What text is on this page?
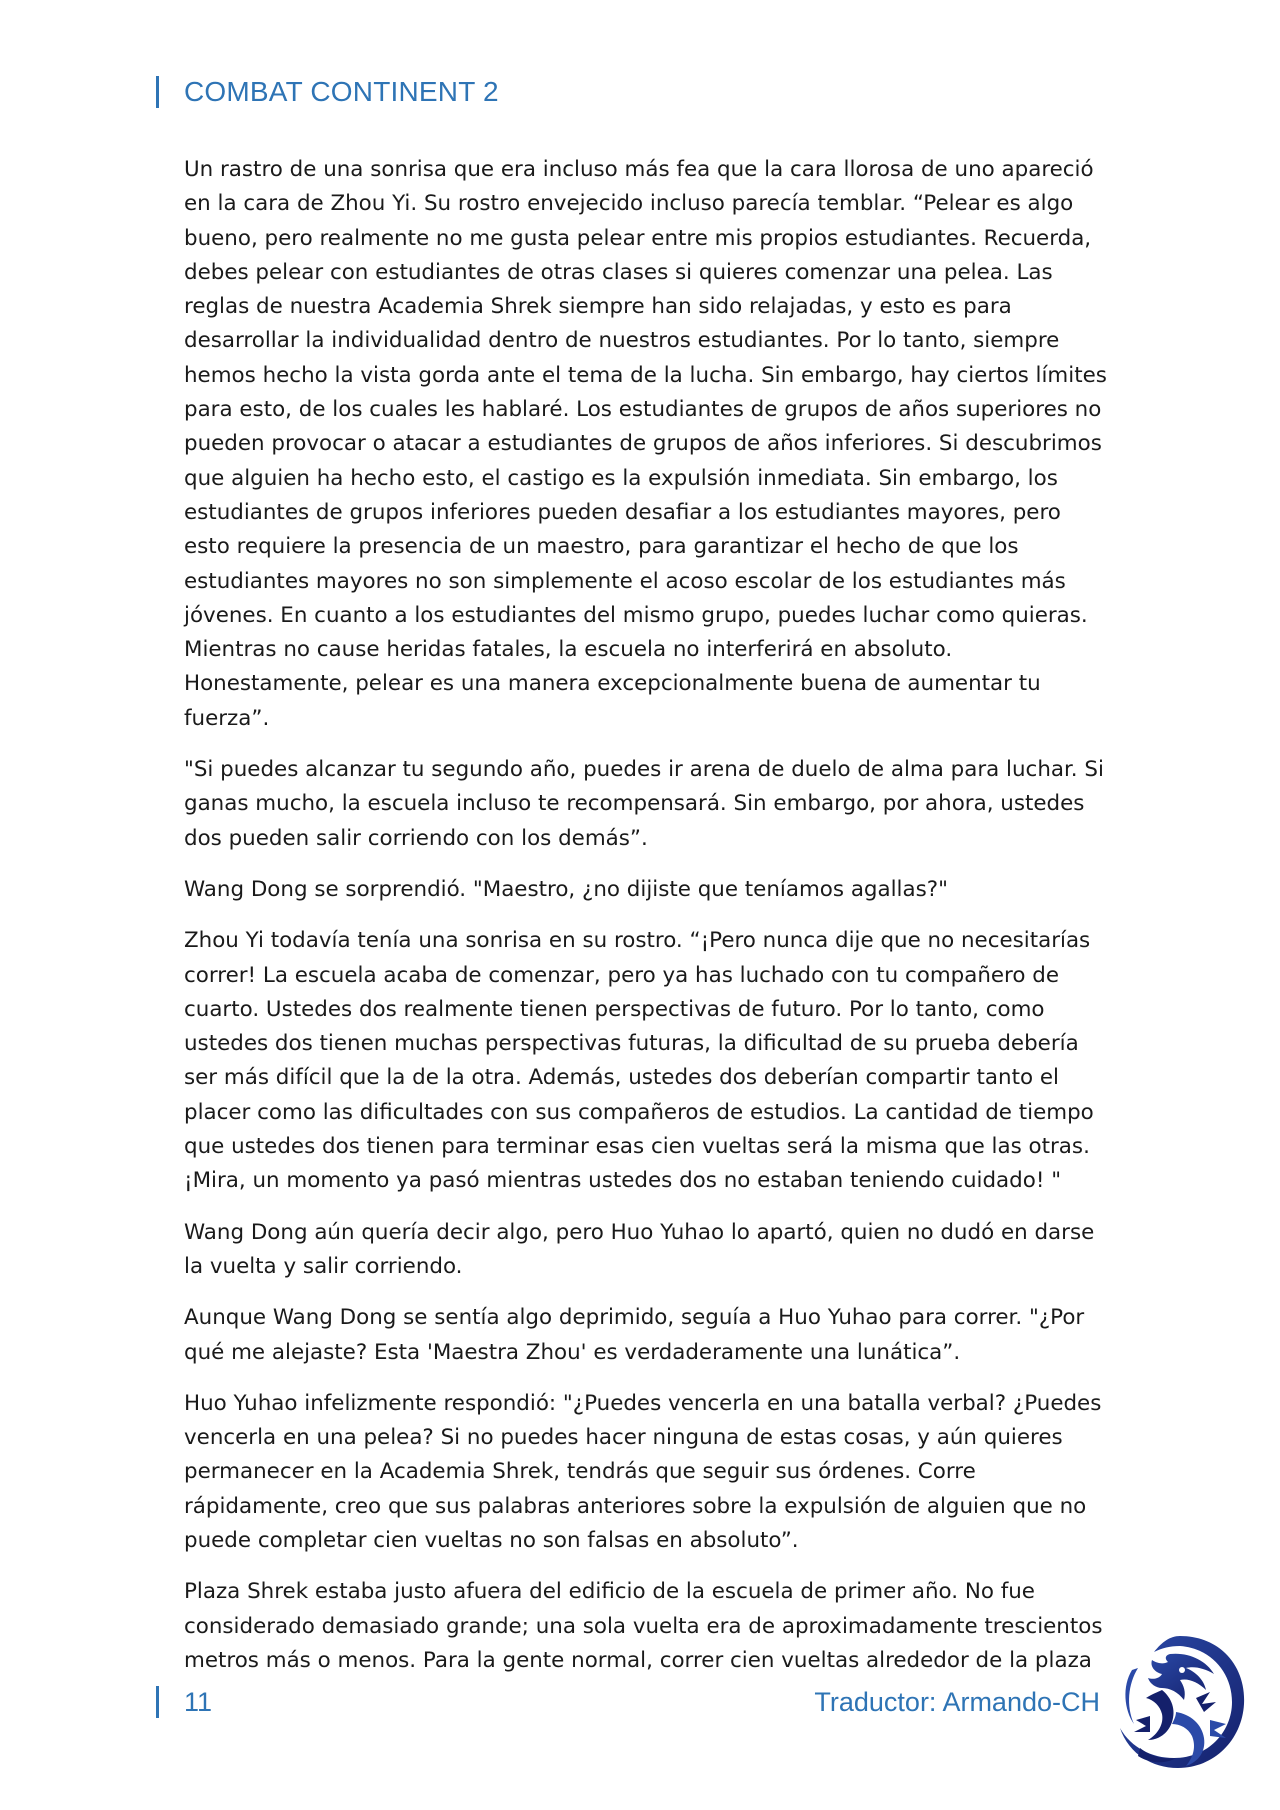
COMBAT CONTINENT 2

Un rastro de una sonrisa que era incluso más fea que la cara llorosa de uno apareció en la cara de Zhou Yi. Su rostro envejecido incluso parecía temblar. “Pelear es algo bueno, pero realmente no me gusta pelear entre mis propios estudiantes. Recuerda, debes pelear con estudiantes de otras clases si quieres comenzar una pelea. Las reglas de nuestra Academia Shrek siempre han sido relajadas, y esto es para desarrollar la individualidad dentro de nuestros estudiantes. Por lo tanto, siempre hemos hecho la vista gorda ante el tema de la lucha. Sin embargo, hay ciertos límites para esto, de los cuales les hablaré. Los estudiantes de grupos de años superiores no pueden provocar o atacar a estudiantes de grupos de años inferiores. Si descubrimos que alguien ha hecho esto, el castigo es la expulsión inmediata. Sin embargo, los estudiantes de grupos inferiores pueden desafiar a los estudiantes mayores, pero esto requiere la presencia de un maestro, para garantizar el hecho de que los estudiantes mayores no son simplemente el acoso escolar de los estudiantes más jóvenes. En cuanto a los estudiantes del mismo grupo, puedes luchar como quieras. Mientras no cause heridas fatales, la escuela no interferirá en absoluto. Honestamente, pelear es una manera excepcionalmente buena de aumentar tu fuerza”.

"Si puedes alcanzar tu segundo año, puedes ir arena de duelo de alma para luchar. Si ganas mucho, la escuela incluso te recompensará. Sin embargo, por ahora, ustedes dos pueden salir corriendo con los demás”.

Wang Dong se sorprendió. "Maestro, ¿no dijiste que teníamos agallas?"

Zhou Yi todavía tenía una sonrisa en su rostro. “¡Pero nunca dije que no necesitarías correr! La escuela acaba de comenzar, pero ya has luchado con tu compañero de cuarto. Ustedes dos realmente tienen perspectivas de futuro. Por lo tanto, como ustedes dos tienen muchas perspectivas futuras, la dificultad de su prueba debería ser más difícil que la de la otra. Además, ustedes dos deberían compartir tanto el placer como las dificultades con sus compañeros de estudios. La cantidad de tiempo que ustedes dos tienen para terminar esas cien vueltas será la misma que las otras. ¡Mira, un momento ya pasó mientras ustedes dos no estaban teniendo cuidado! "

Wang Dong aún quería decir algo, pero Huo Yuhao lo apartó, quien no dudó en darse la vuelta y salir corriendo.

Aunque Wang Dong se sentía algo deprimido, seguía a Huo Yuhao para correr. "¿Por qué me alejaste? Esta 'Maestra Zhou' es verdaderamente una lunática”.

Huo Yuhao infelizmente respondió: "¿Puedes vencerla en una batalla verbal? ¿Puedes vencerla en una pelea? Si no puedes hacer ninguna de estas cosas, y aún quieres permanecer en la Academia Shrek, tendrás que seguir sus órdenes. Corre rápidamente, creo que sus palabras anteriores sobre la expulsión de alguien que no puede completar cien vueltas no son falsas en absoluto”.

Plaza Shrek estaba justo afuera del edificio de la escuela de primer año. No fue considerado demasiado grande; una sola vuelta era de aproximadamente trescientos metros más o menos. Para la gente normal, correr cien vueltas alrededor de la plaza

11	Traductor: Armando-CH
